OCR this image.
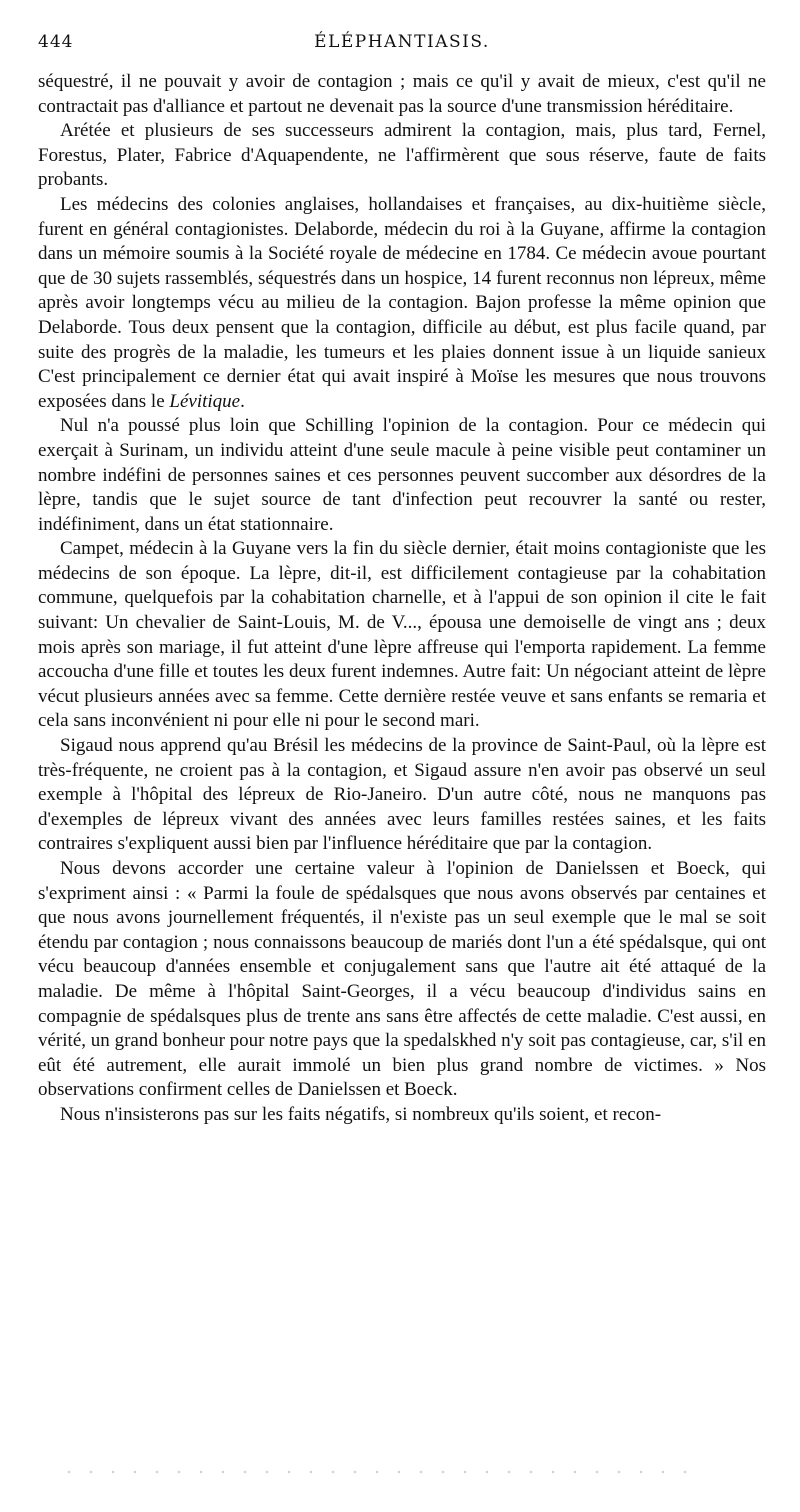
444	ÉLÉPHANTIASIS.

séquestré, il ne pouvait y avoir de contagion ; mais ce qu'il y avait de mieux, c'est qu'il ne contractait pas d'alliance et partout ne devenait pas la source d'une transmission héréditaire.

Arétée et plusieurs de ses successeurs admirent la contagion, mais, plus tard, Fernel, Forestus, Plater, Fabrice d'Aquapendente, ne l'affirmèrent que sous réserve, faute de faits probants.

Les médecins des colonies anglaises, hollandaises et françaises, au dix-huitième siècle, furent en général contagionistes. Delaborde, médecin du roi à la Guyane, affirme la contagion dans un mémoire soumis à la Société royale de médecine en 1784. Ce médecin avoue pourtant que de 30 sujets rassemblés, séquestrés dans un hospice, 14 furent reconnus non lépreux, même après avoir longtemps vécu au milieu de la contagion. Bajon professe la même opinion que Delaborde. Tous deux pensent que la contagion, difficile au début, est plus facile quand, par suite des progrès de la maladie, les tumeurs et les plaies donnent issue à un liquide sanieux C'est principalement ce dernier état qui avait inspiré à Moïse les mesures que nous trouvons exposées dans le Lévitique.

Nul n'a poussé plus loin que Schilling l'opinion de la contagion. Pour ce médecin qui exerçait à Surinam, un individu atteint d'une seule macule à peine visible peut contaminer un nombre indéfini de personnes saines et ces personnes peuvent succomber aux désordres de la lèpre, tandis que le sujet source de tant d'infection peut recouvrer la santé ou rester, indéfiniment, dans un état stationnaire.

Campet, médecin à la Guyane vers la fin du siècle dernier, était moins contagioniste que les médecins de son époque. La lèpre, dit-il, est difficilement contagieuse par la cohabitation commune, quelquefois par la cohabitation charnelle, et à l'appui de son opinion il cite le fait suivant: Un chevalier de Saint-Louis, M. de V..., épousa une demoiselle de vingt ans ; deux mois après son mariage, il fut atteint d'une lèpre affreuse qui l'emporta rapidement. La femme accoucha d'une fille et toutes les deux furent indemnes. Autre fait: Un négociant atteint de lèpre vécut plusieurs années avec sa femme. Cette dernière restée veuve et sans enfants se remaria et cela sans inconvénient ni pour elle ni pour le second mari.

Sigaud nous apprend qu'au Brésil les médecins de la province de Saint-Paul, où la lèpre est très-fréquente, ne croient pas à la contagion, et Sigaud assure n'en avoir pas observé un seul exemple à l'hôpital des lépreux de Rio-Janeiro. D'un autre côté, nous ne manquons pas d'exemples de lépreux vivant des années avec leurs familles restées saines, et les faits contraires s'expliquent aussi bien par l'influence héréditaire que par la contagion.

Nous devons accorder une certaine valeur à l'opinion de Danielssen et Boeck, qui s'expriment ainsi : « Parmi la foule de spédalsques que nous avons observés par centaines et que nous avons journellement fréquentés, il n'existe pas un seul exemple que le mal se soit étendu par contagion ; nous connaissons beaucoup de mariés dont l'un a été spédalsque, qui ont vécu beaucoup d'années ensemble et conjugalement sans que l'autre ait été attaqué de la maladie. De même à l'hôpital Saint-Georges, il a vécu beaucoup d'individus sains en compagnie de spédalsques plus de trente ans sans être affectés de cette maladie. C'est aussi, en vérité, un grand bonheur pour notre pays que la spedalskhed n'y soit pas contagieuse, car, s'il en eût été autrement, elle aurait immolé un bien plus grand nombre de victimes. » Nos observations confirment celles de Danielssen et Boeck.

Nous n'insisterons pas sur les faits négatifs, si nombreux qu'ils soient, et recon-
